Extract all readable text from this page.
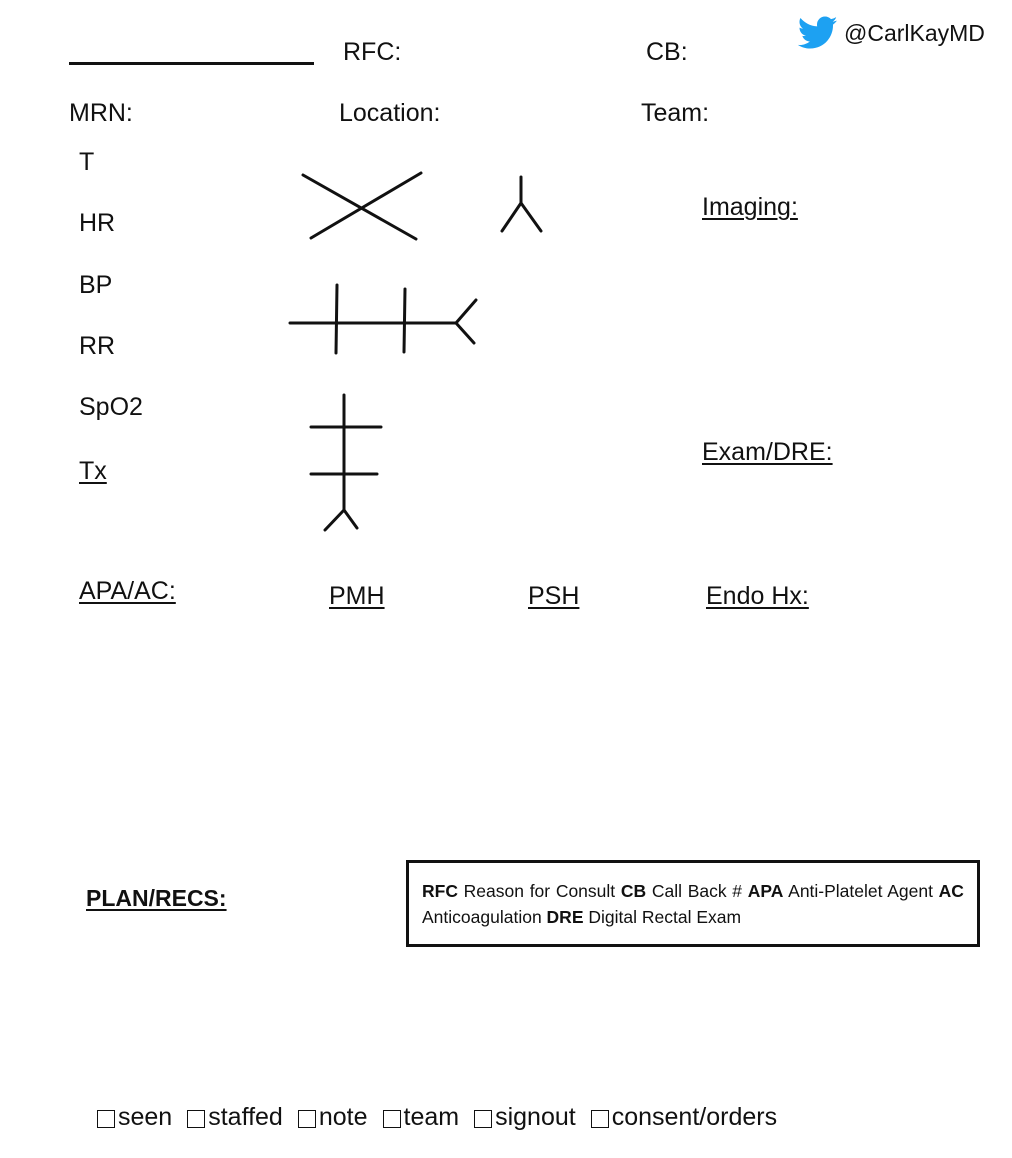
RFC:	CB:
MRN:	Location:	Team:
@CarlKayMD
T
HR
BP
RR
SpO2
Tx
Imaging:
Exam/DRE:
APA/AC:	PMH	PSH	Endo Hx:
PLAN/RECS:	RFC Reason for Consult CB Call Back # APA Anti-Platelet Agent AC Anticoagulation DRE Digital Rectal Exam
seen staffed note team signout consent/orders
